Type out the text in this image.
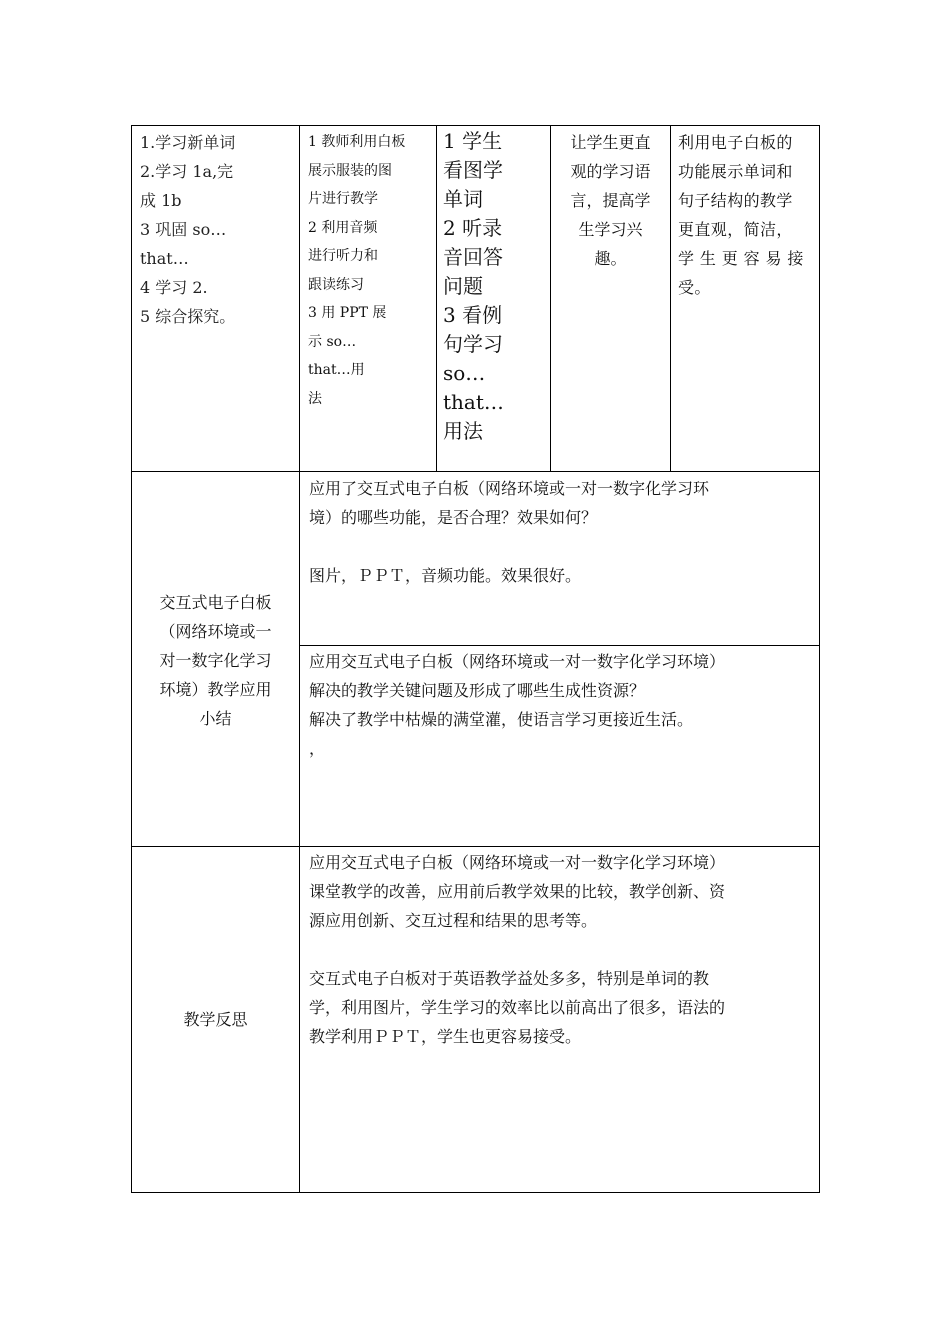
1.学习新单词
2.学习 1a,完
成 1b
3 巩固 so…
that…
4 学习 2.
5 综合探究。
1 教师利用白板
展示服装的图
片进行教学
2 利用音频
进行听力和
跟读练习
3 用 PPT 展
示 so…
that…用
法
1 学生
看图学
单词
2 听录
音回答
问题
3 看例
句学习
so…
that…
用法
让学生更直
观的学习语
言，提高学
生学习兴
趣。
利用电子白板的
功能展示单词和
句子结构的教学
更直观，简洁，
学 生 更 容 易 接
受。
交互式电子白板
（网络环境或一
对一数字化学习
环境）教学应用
小结
应用了交互式电子白板（网络环境或一对一数字化学习环
境）的哪些功能，是否合理？效果如何？

图片，ＰＰＴ，音频功能。效果很好。
应用交互式电子白板（网络环境或一对一数字化学习环境）
解决的教学关键问题及形成了哪些生成性资源？
解决了教学中枯燥的满堂灌，使语言学习更接近生活。
，
教学反思
应用交互式电子白板（网络环境或一对一数字化学习环境）
课堂教学的改善，应用前后教学效果的比较，教学创新、资
源应用创新、交互过程和结果的思考等。

交互式电子白板对于英语教学益处多多，特别是单词的教
学，利用图片，学生学习的效率比以前高出了很多，语法的
教学利用ＰＰＴ，学生也更容易接受。
